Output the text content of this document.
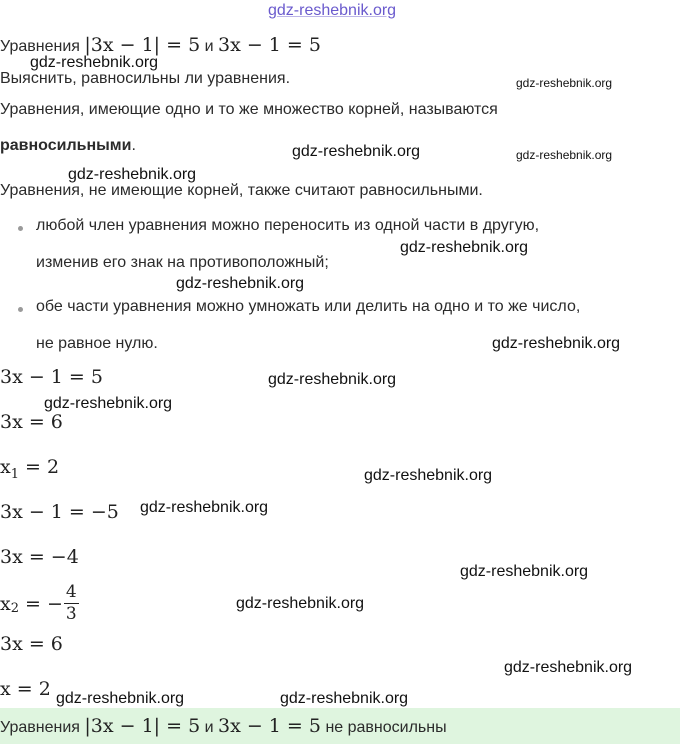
gdz-reshebnik.org
Уравнения |3x − 1| = 5 и 3x − 1 = 5
gdz-reshebnik.org
Выяснить, равносильны ли уравнения.	gdz-reshebnik.org
Уравнения, имеющие одно и то же множество корней, называются
равносильными.	gdz-reshebnik.org	gdz-reshebnik.org
gdz-reshebnik.org
Уравнения, не имеющие корней, также считают равносильными.
любой член уравнения можно переносить из одной части в другую,
gdz-reshebnik.org
изменив его знак на противоположный;
gdz-reshebnik.org
обе части уравнения можно умножать или делить на одно и то же число,
не равное нулю.	gdz-reshebnik.org
3x − 1 = 5	gdz-reshebnik.org
gdz-reshebnik.org
3x = 6
$x_1 = 2$	gdz-reshebnik.org
3x − 1 = −5 gdz-reshebnik.org
3x = −4
gdz-reshebnik.org
$x_2$ = − $\frac{4}{3}$	gdz-reshebnik.org
3x = 6
gdz-reshebnik.org
x = 2 gdz-reshebnik.org	gdz-reshebnik.org
Уравнения |3x − 1| = 5 и 3x − 1 = 5 не равносильны
